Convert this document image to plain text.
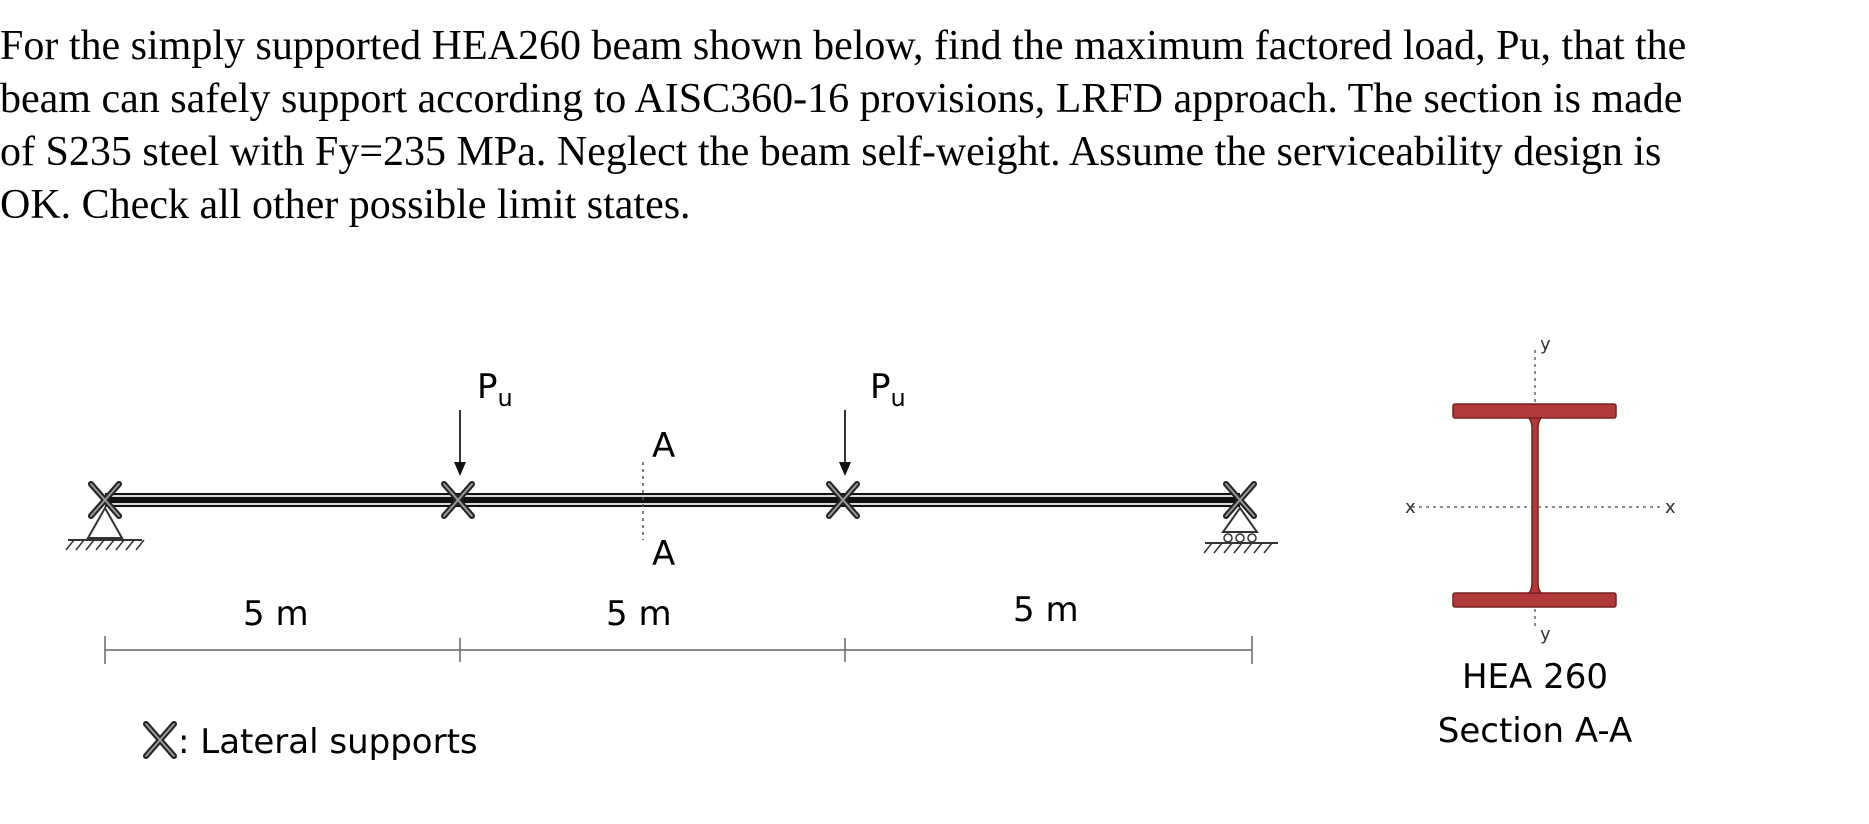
For the simply supported HEA260 beam shown below, find the maximum factored load, Pu, that the
beam can safely support according to AISC360-16 provisions, LRFD approach. The section is made
of S235 steel with Fy=235 MPa. Neglect the beam self-weight. Assume the serviceability design is
OK. Check all other possible limit states.
$P_u$	$P_u$
A
A
5 m	5 m	5 m
: Lateral supports
x	x
y
y
HEA 260
Section A-A
